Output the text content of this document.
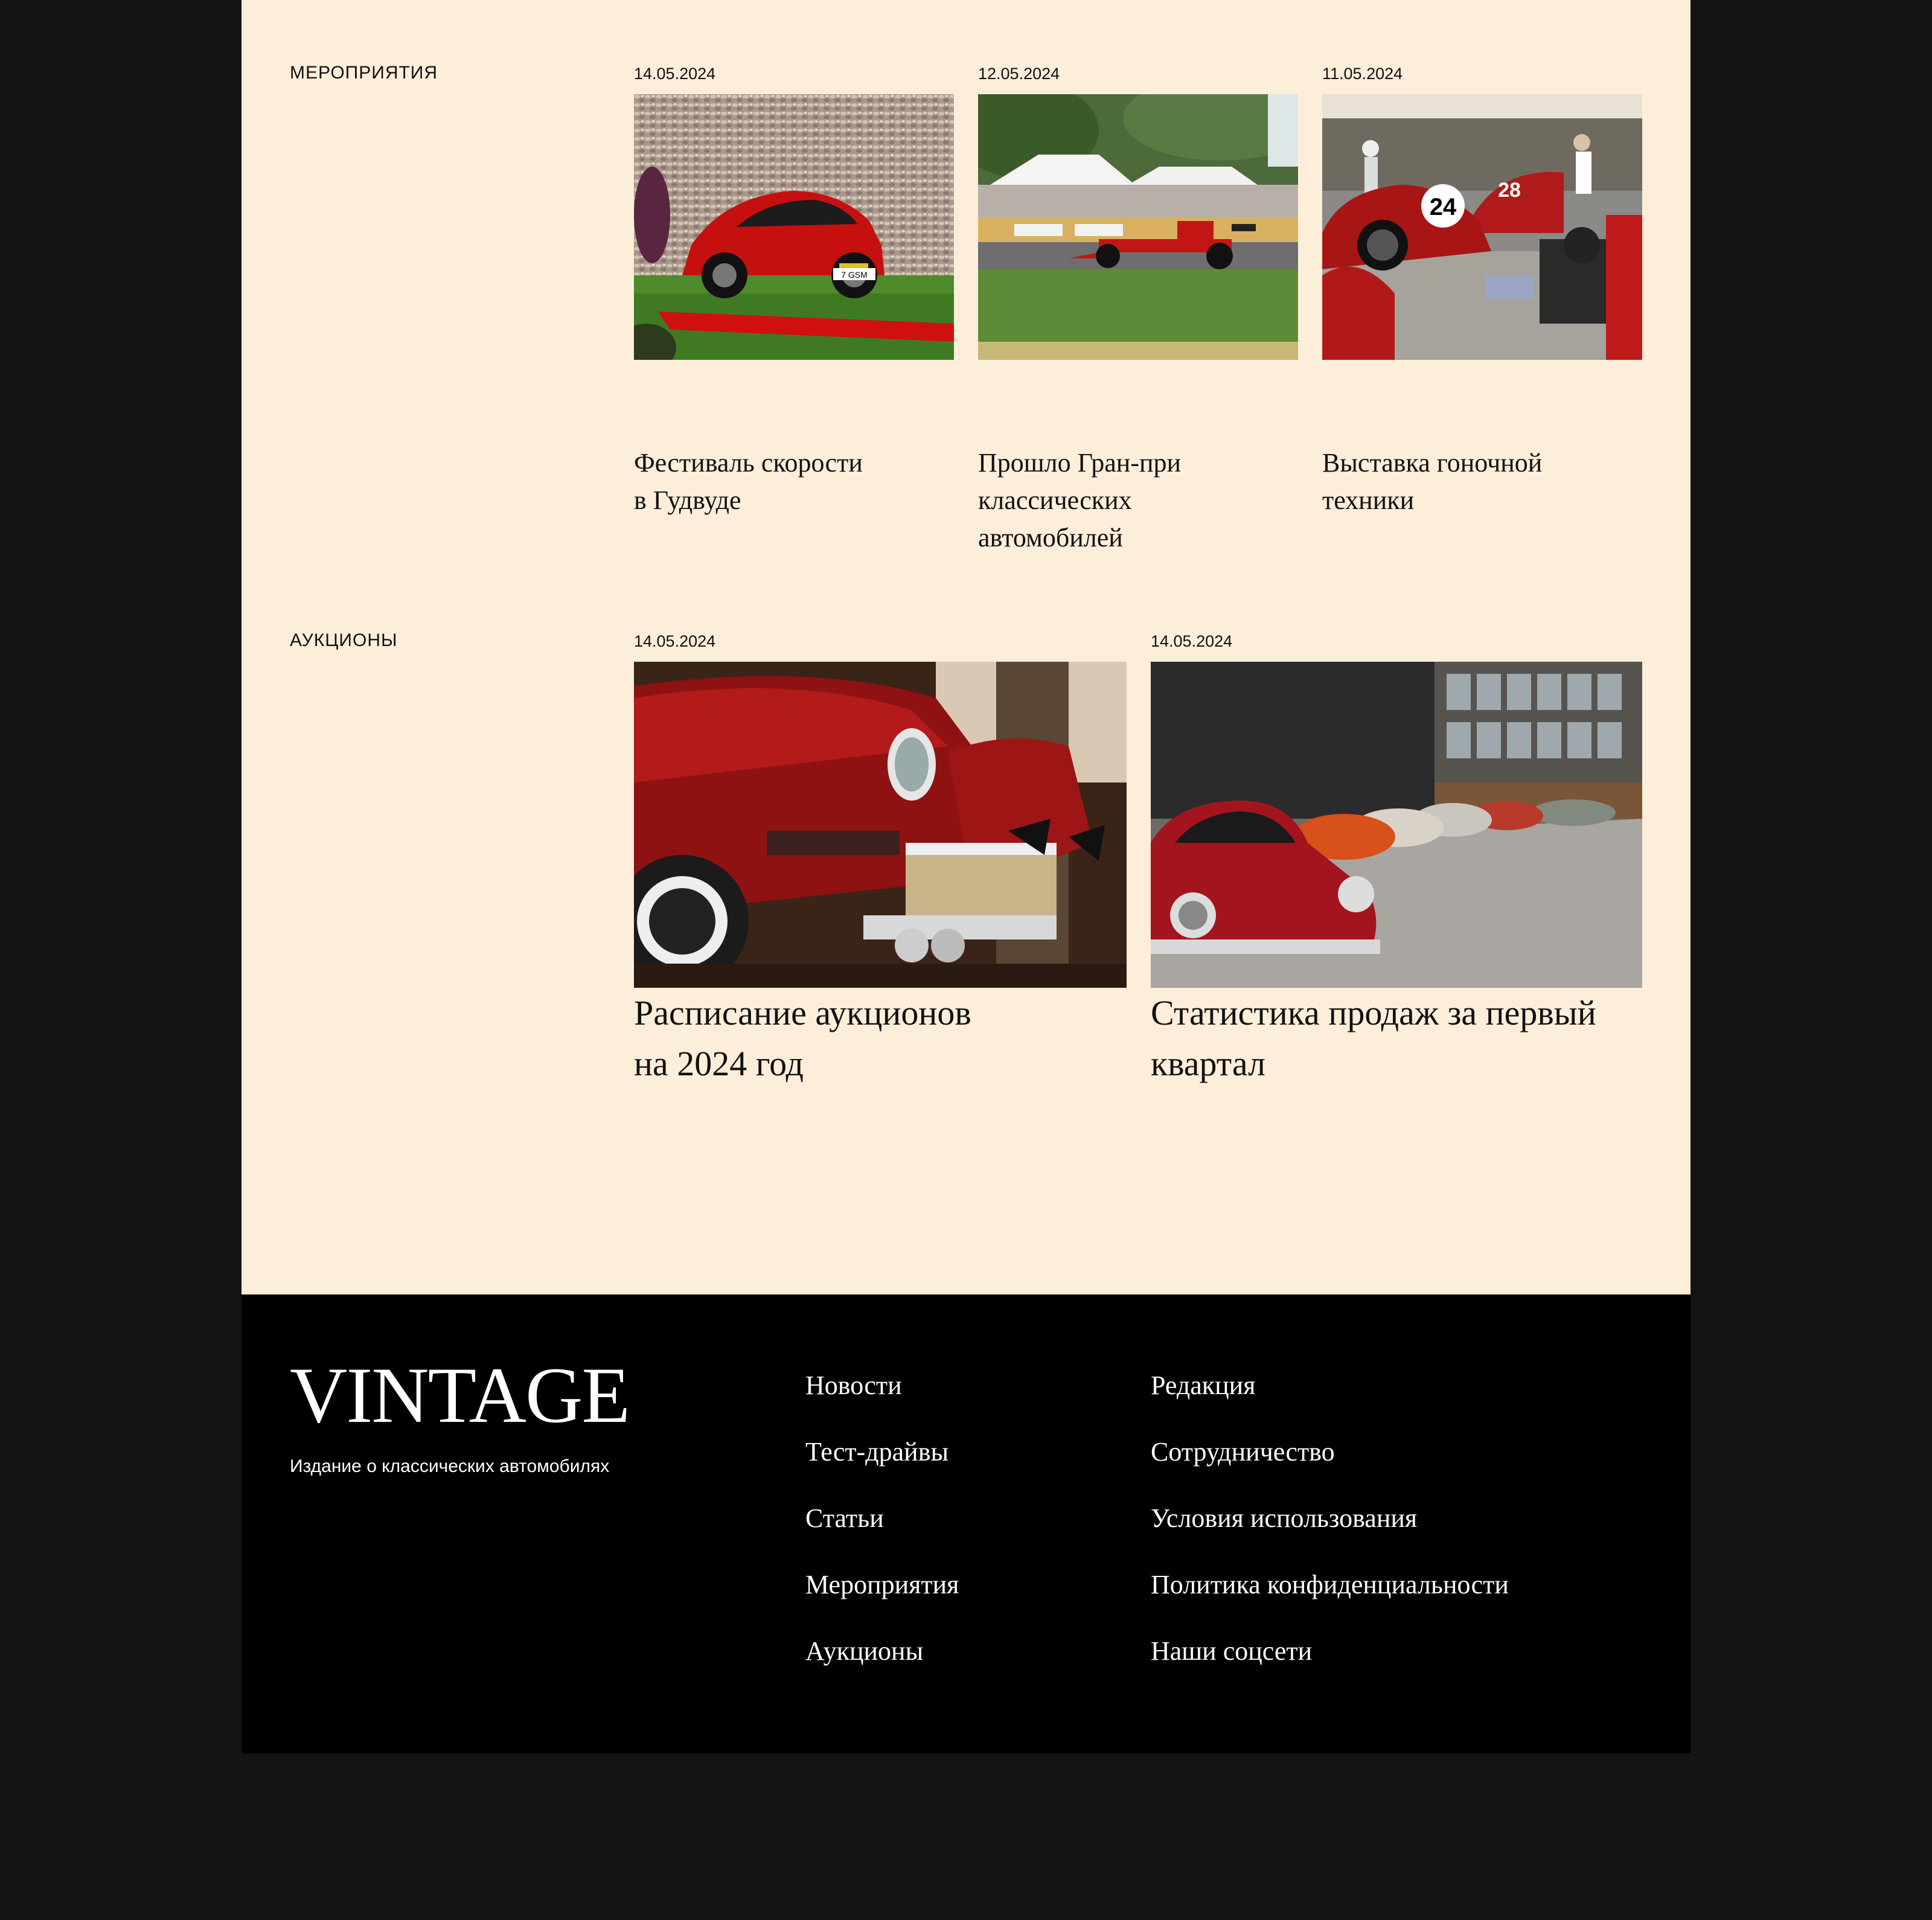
МЕРОПРИЯТИЯ	14.05.2024
7 GSM
Фестиваль скорости
в Гудвуде
12.05.2024
Прошло Гран-при
классических
автомобилей
11.05.2024
24
28
Выставка гоночной
техники
АУКЦИОНЫ	14.05.2024
Расписание аукционов
на 2024 год
14.05.2024
Статистика продаж за первый
квартал
VINTAGE
Издание о классических автомобилях
Новости
Тест-драйвы
Статьи
Мероприятия
Аукционы
Редакция
Сотрудничество
Условия использования
Политика конфиденциальности
Наши соцсети
